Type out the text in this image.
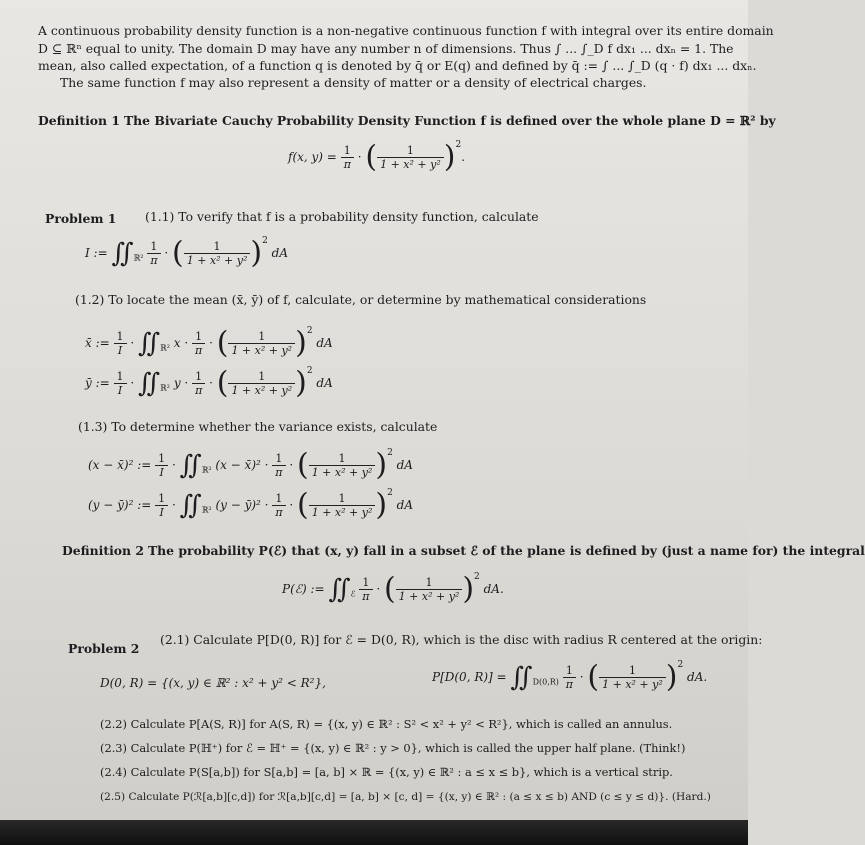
A continuous probability density function is a non-negative continuous function f with integral over its entire domain
D ⊆ ℝⁿ equal to unity. The domain D may have any number n of dimensions. Thus ∫ ... ∫_D f dx₁ ... dxₙ = 1. The
mean, also called expectation, of a function q is denoted by q̄ or E(q) and defined by q̄ := ∫ ... ∫_D (q · f) dx₁ ... dxₙ.
The same function f may also represent a density of matter or a density of electrical charges.
Definition 1 The Bivariate Cauchy Probability Density Function f is defined over the whole plane D = ℝ² by
f(x, $y) = \frac{1}{\pi}$ · ( $\frac{1}{\text{1 + x² + y²}} )^2$.
Problem 1 (1.1) To verify that f is a probability density function, calculate
I := $∬_{ℝ^2} \frac{1}{\pi}$ · ( $\frac{1}{\text{1 + x² + y²}} )^2$ dA
(1.2) To locate the mean (x̄, ȳ) of f, calculate, or determine by mathematical considerations
x̄ := $\frac{1}{I}$ · $∬_{ℝ^2}$ $x \cdot \frac{1}{\pi}$ · ( $\frac{1}{\text{1 + x² + y²}} )^2$ dA
ȳ := $\frac{1}{I}$ · $∬_{ℝ^2}$ $y \cdot \frac{1}{\pi}$ · ( $\frac{1}{\text{1 + x² + y²}} )^2$ dA
(1.3) To determine whether the variance exists, calculate
(x − x̄)² := $\frac{1}{I}$ · $∬_{ℝ^2}$ (x − x̄)² · $\frac{1}{\pi}$ · ( $\frac{1}{\text{1 + x² + y²}} )^2$ dA
(y − ȳ)² := $\frac{1}{I}$ · $∬_{ℝ^2}$ (y − ȳ)² · $\frac{1}{\pi}$ · ( $\frac{1}{\text{1 + x² + y²}} )^2$ dA
Definition 2 The probability P(ℰ) that (x, y) fall in a subset ℰ of the plane is defined by (just a name for) the integral
P(ℰ) := $∬_ℰ \frac{1}{\pi}$ · ( $\frac{1}{\text{1 + x² + y²}} )^2$ dA.
Problem 2
(2.1) Calculate P[D(0, R)] for ℰ = D(0, R), which is the disc with radius R centered at the origin:
D(0, R) = {(x, y) ∈ ℝ² : x² + y² < R²},	P[D(0, $R)] = ∬_{D(0,R)} \frac{1}{\pi}$ · ( $\frac{1}{\text{1 + x² + y²}} )^2$ dA.
(2.2) Calculate P[A(S, R)] for A(S, R) = {(x, y) ∈ ℝ² : S² < x² + y² < R²}, which is called an annulus.
(2.3) Calculate P(ℍ⁺) for ℰ = ℍ⁺ = {(x, y) ∈ ℝ² : y > 0}, which is called the upper half plane. (Think!)
(2.4) Calculate P(S[a,b]) for S[a,b] = [a, b] × ℝ = {(x, y) ∈ ℝ² : a ≤ x ≤ b}, which is a vertical strip.
(2.5) Calculate P(ℛ[a,b][c,d]) for ℛ[a,b][c,d] = [a, b] × [c, d] = {(x, y) ∈ ℝ² : (a ≤ x ≤ b) AND (c ≤ y ≤ d)}. (Hard.)
